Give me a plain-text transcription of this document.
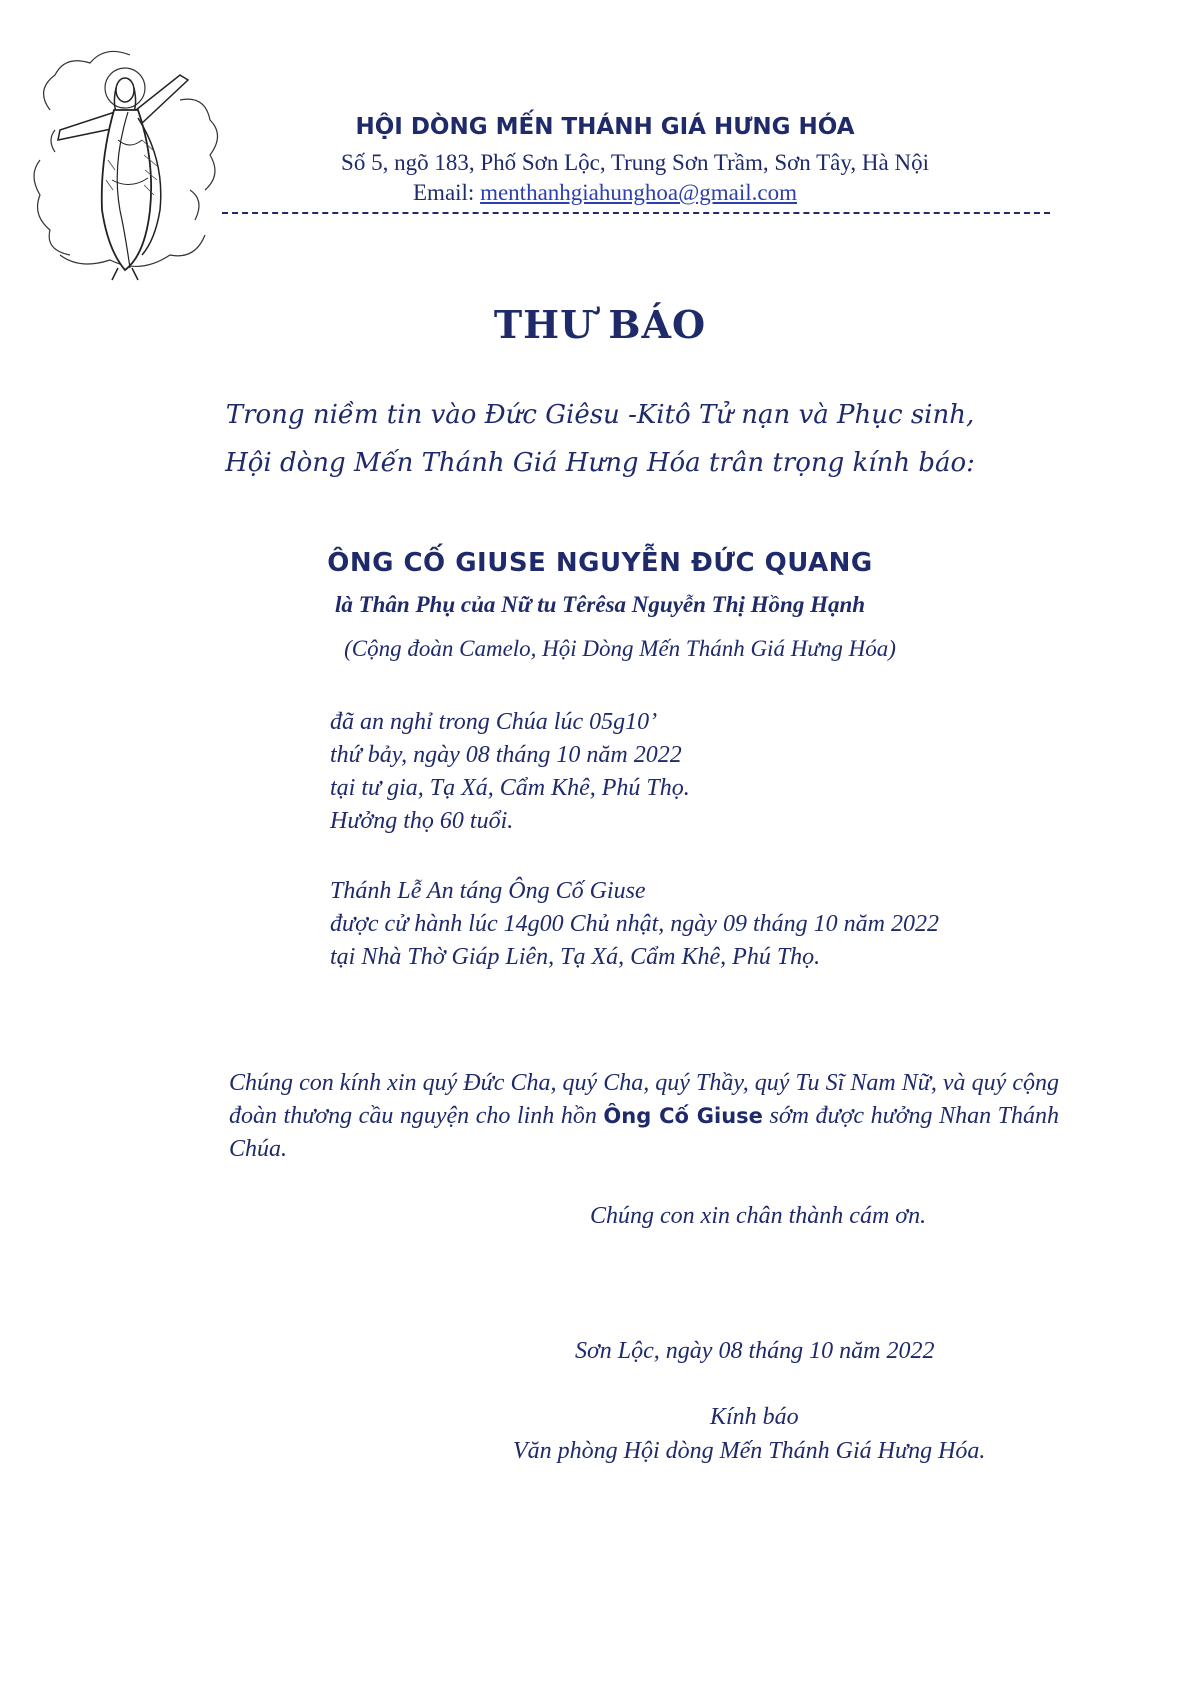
HỘI DÒNG MẾN THÁNH GIÁ HƯNG HÓA
Số 5, ngõ 183, Phố Sơn Lộc, Trung Sơn Trầm, Sơn Tây, Hà Nội
Email: menthanhgiahunghoa@gmail.com
THƯ BÁO
Trong niềm tin vào Đức Giêsu -Kitô Tử nạn và Phục sinh,
Hội dòng Mến Thánh Giá Hưng Hóa trân trọng kính báo:
ÔNG CỐ GIUSE NGUYỄN ĐỨC QUANG
là Thân Phụ của Nữ tu Têrêsa Nguyễn Thị Hồng Hạnh
(Cộng đoàn Camelo, Hội Dòng Mến Thánh Giá Hưng Hóa)
đã an nghỉ trong Chúa lúc 05g10’
thứ bảy, ngày 08 tháng 10 năm 2022
tại tư gia, Tạ Xá, Cẩm Khê, Phú Thọ.
Hưởng thọ 60 tuổi.
Thánh Lễ An táng Ông Cố Giuse
được cử hành lúc 14g00 Chủ nhật, ngày 09 tháng 10 năm 2022
tại Nhà Thờ Giáp Liên, Tạ Xá, Cẩm Khê, Phú Thọ.
Chúng con kính xin quý Đức Cha, quý Cha, quý Thầy, quý Tu Sĩ Nam Nữ, và quý cộng đoàn thương cầu nguyện cho linh hồn Ông Cố Giuse sớm được hưởng Nhan Thánh Chúa.
Chúng con xin chân thành cám ơn.
Sơn Lộc, ngày 08 tháng 10 năm 2022
Kính báo
Văn phòng Hội dòng Mến Thánh Giá Hưng Hóa.
